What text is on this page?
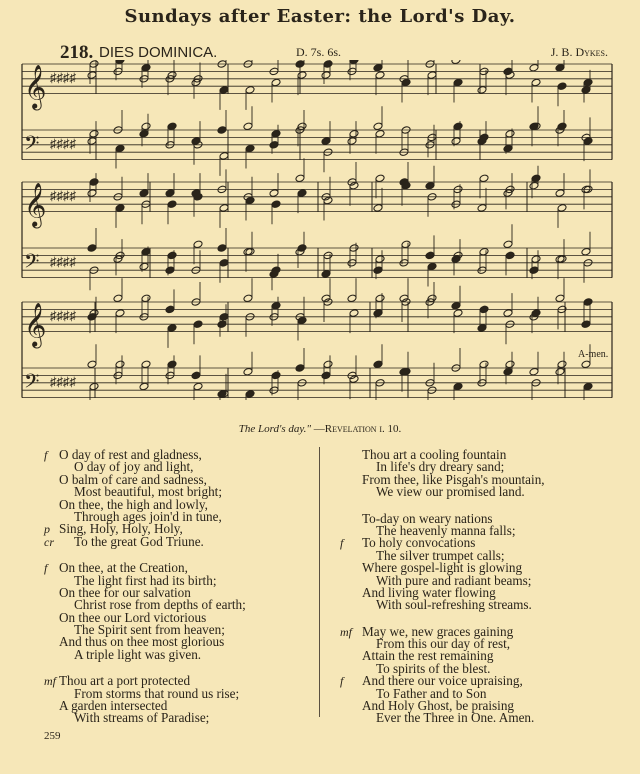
Sundays after Easter: the Lord's Day.
218. DIES DOMINICA.	D. 7s. 6s.	J. B. Dykes.
𝄞 ♯♯♯♯
𝄢 ♯♯♯♯
𝄞 ♯♯♯♯
𝄢 ♯♯♯♯
𝄞 ♯♯♯♯
𝄢 ♯♯♯♯
A-men.
The Lord's day." —Revelation i. 10.
f O day of rest and gladness,
O day of joy and light,
O balm of care and sadness,
Most beautiful, most bright;
On thee, the high and lowly,
Through ages join'd in tune,
p Sing, Holy, Holy, Holy,
cr To the great God Triune.
f On thee, at the Creation,
The light first had its birth;
On thee for our salvation
Christ rose from depths of earth;
On thee our Lord victorious
The Spirit sent from heaven;
And thus on thee most glorious
A triple light was given.
mf Thou art a port protected
From storms that round us rise;
A garden intersected
With streams of Paradise;
Thou art a cooling fountain
In life's dry dreary sand;
From thee, like Pisgah's mountain,
We view our promised land.
To-day on weary nations
The heavenly manna falls;
f To holy convocations
The silver trumpet calls;
Where gospel-light is glowing
With pure and radiant beams;
And living water flowing
With soul-refreshing streams.
mf May we, new graces gaining
From this our day of rest,
Attain the rest remaining
To spirits of the blest.
f And there our voice upraising,
To Father and to Son
And Holy Ghost, be praising
Ever the Three in One. Amen.
259
